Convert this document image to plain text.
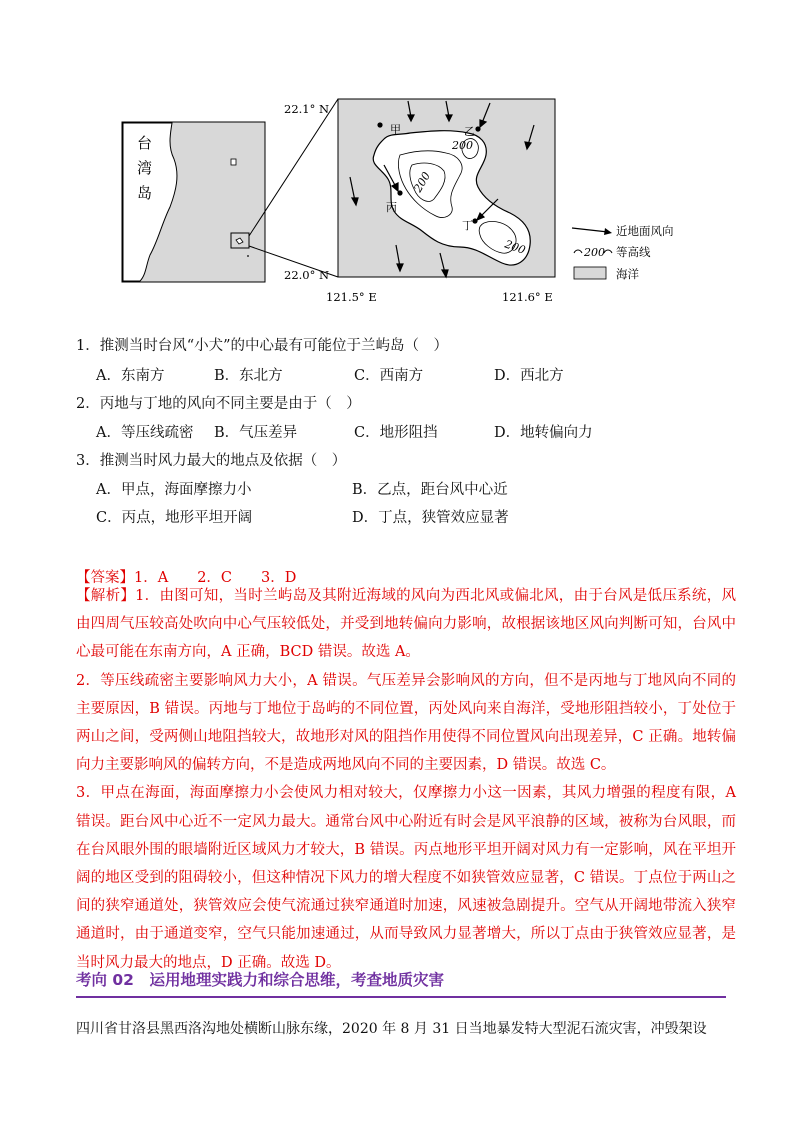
台
湾
岛
200
200
200
甲	乙
丙
丁
22.1° N
22.0° N
121.5° E	121.6° E
近地面风向
200 等高线
海洋
1．推测当时台风“小犬”的中心最有可能位于兰屿岛（　）
A．东南方	B．东北方	C．西南方	D．西北方
2．丙地与丁地的风向不同主要是由于（　）
A．等压线疏密 B．气压差异	C．地形阻挡	D．地转偏向力
3．推测当时风力最大的地点及依据（　）
A．甲点，海面摩擦力小	B．乙点，距台风中心近
C．丙点，地形平坦开阔	D．丁点，狭管效应显著
【答案】1．A　　2．C　　3．D

【解析】1．由图可知，当时兰屿岛及其附近海域的风向为西北风或偏北风，由于台风是低压系统，风由四周气压较高处吹向中心气压较低处，并受到地转偏向力影响，故根据该地区风向判断可知，台风中心最可能在东南方向，A 正确，BCD 错误。故选 A。

2．等压线疏密主要影响风力大小，A 错误。气压差异会影响风的方向，但不是丙地与丁地风向不同的主要原因，B 错误。丙地与丁地位于岛屿的不同位置，丙处风向来自海洋，受地形阻挡较小，丁处位于两山之间，受两侧山地阻挡较大，故地形对风的阻挡作用使得不同位置风向出现差异，C 正确。地转偏向力主要影响风的偏转方向，不是造成两地风向不同的主要因素，D 错误。故选 C。

3．甲点在海面，海面摩擦力小会使风力相对较大，仅摩擦力小这一因素，其风力增强的程度有限，A 错误。距台风中心近不一定风力最大。通常台风中心附近有时会是风平浪静的区域，被称为台风眼，而在台风眼外围的眼墙附近区域风力才较大，B 错误。丙点地形平坦开阔对风力有一定影响，风在平坦开阔的地区受到的阻碍较小，但这种情况下风力的增大程度不如狭管效应显著，C 错误。丁点位于两山之间的狭窄通道处，狭管效应会使气流通过狭窄通道时加速，风速被急剧提升。空气从开阔地带流入狭窄通道时，由于通道变窄，空气只能加速通过，从而导致风力显著增大，所以丁点由于狭管效应显著，是当时风力最大的地点，D 正确。故选 D。

考向 02　运用地理实践力和综合思维，考查地质灾害
四川省甘洛县黑西洛沟地处横断山脉东缘，2020 年 8 月 31 日当地暴发特大型泥石流灾害，冲毁架设
